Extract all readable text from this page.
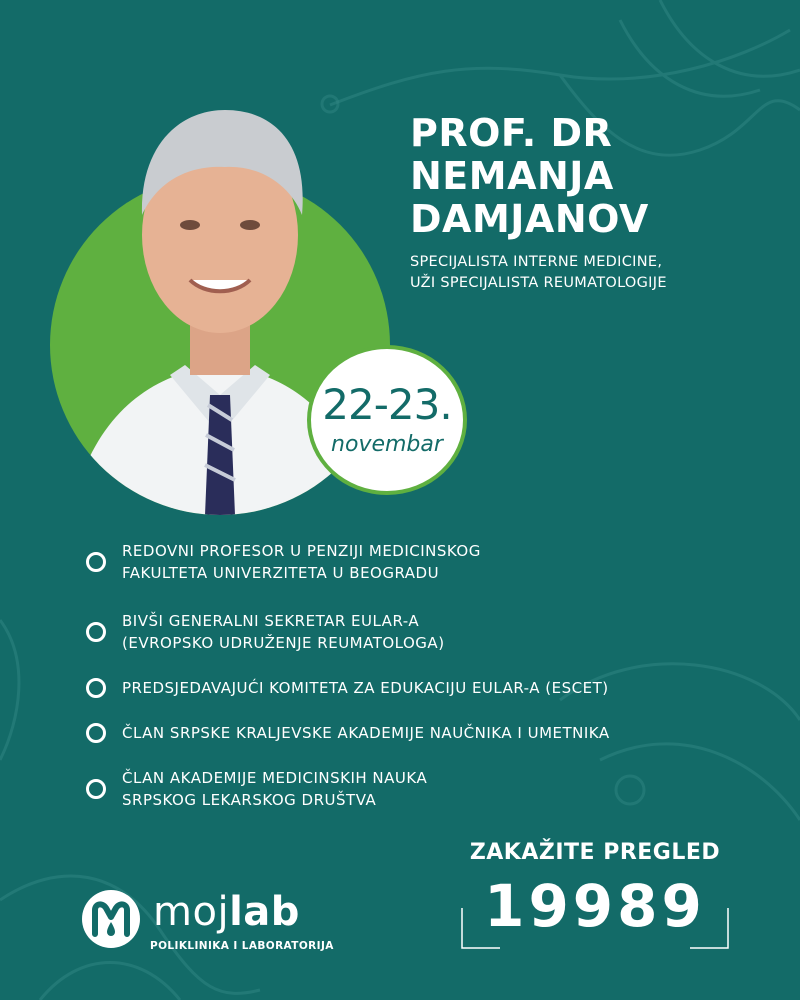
22-23.
novembar
PROF. DR
NEMANJA
DAMJANOV
SPECIJALISTA INTERNE MEDICINE,
UŽI SPECIJALISTA REUMATOLOGIJE
REDOVNI PROFESOR U PENZIJI MEDICINSKOG
FAKULTETA UNIVERZITETA U BEOGRADU
BIVŠI GENERALNI SEKRETAR EULAR-A
(EVROPSKO UDRUŽENJE REUMATOLOGA)
PREDSJEDAVAJUĆI KOMITETA ZA EDUKACIJU EULAR-A (ESCET)
ČLAN SRPSKE KRALJEVSKE AKADEMIJE NAUČNIKA I UMETNIKA
ČLAN AKADEMIJE MEDICINSKIH NAUKA
SRPSKOG LEKARSKOG DRUŠTVA
ZAKAŽITE PREGLED
19989
mojlab
POLIKLINIKA I LABORATORIJA
